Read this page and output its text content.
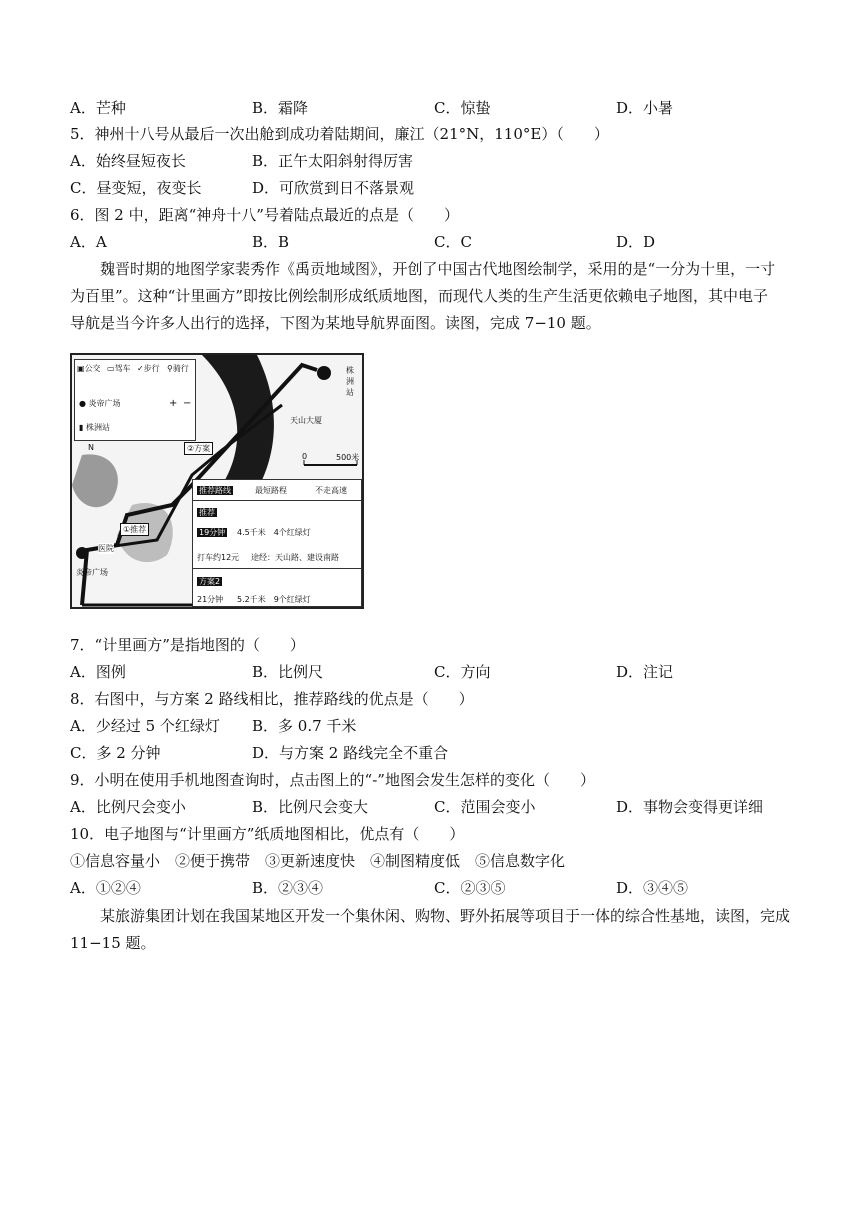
A．芒种	B．霜降	C．惊蛰	D．小暑
5．神州十八号从最后一次出舱到成功着陆期间，廉江（21°N，110°E）（　　）
A．始终昼短夜长	B．正午太阳斜射得厉害
C．昼变短，夜变长	D．可欣赏到日不落景观
6．图 2 中，距离“神舟十八”号着陆点最近的点是（　　）
A．A	B．B	C．C	D．D
魏晋时期的地图学家裴秀作《禹贡地域图》，开创了中国古代地图绘制学，采用的是“一分为十里，一寸
为百里”。这种“计里画方”即按比例绘制形成纸质地图，而现代人类的生产生活更依赖电子地图，其中电子
导航是当今许多人出行的选择，下图为某地导航界面图。读图，完成 7−10 题。
▣公交 ▭驾车 ✓步行 ⚲骑行
● 炎帝广场	+ −
▮ 株洲站
株洲站
天山大厦
0	500米
N	②方案
①推荐
医院
炎帝广场
推荐路线	最短路程	不走高速
推荐
19分钟 4.5千米　4个红绿灯
打车约12元 途经：天山路、建设南路
方案2
21分钟 5.2千米　9个红绿灯
7．“计里画方”是指地图的（　　）
A．图例	B．比例尺	C．方向	D．注记
8．右图中，与方案 2 路线相比，推荐路线的优点是（　　）
A．少经过 5 个红绿灯 B．多 0.7 千米
C．多 2 分钟	D．与方案 2 路线完全不重合
9．小明在使用手机地图查询时，点击图上的“-”地图会发生怎样的变化（　　）
A．比例尺会变小	B．比例尺会变大	C．范围会变小	D．事物会变得更详细
10．电子地图与“计里画方”纸质地图相比，优点有（　　）
①信息容量小　②便于携带　③更新速度快　④制图精度低　⑤信息数字化
A．①②④	B．②③④	C．②③⑤	D．③④⑤
某旅游集团计划在我国某地区开发一个集休闲、购物、野外拓展等项目于一体的综合性基地，读图，完成
11−15 题。
